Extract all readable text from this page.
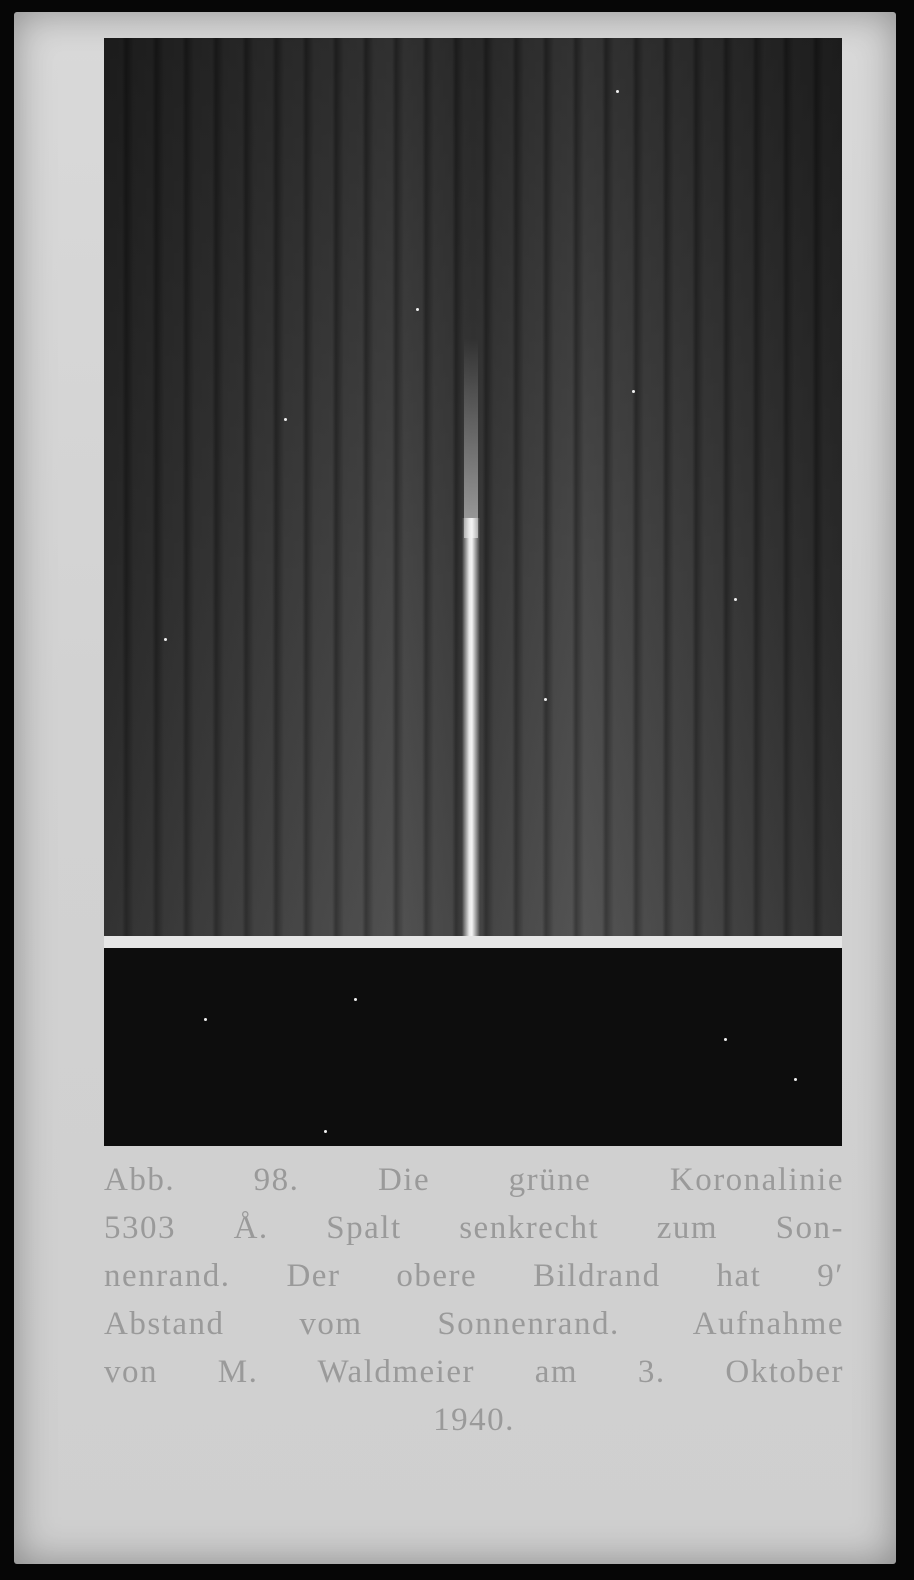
Abb. 98. Die grüne Koronalinie
5303 Å. Spalt senkrecht zum Son-
nenrand. Der obere Bildrand hat 9′
Abstand vom Sonnenrand. Aufnahme
von M. Waldmeier am 3. Oktober
1940.
